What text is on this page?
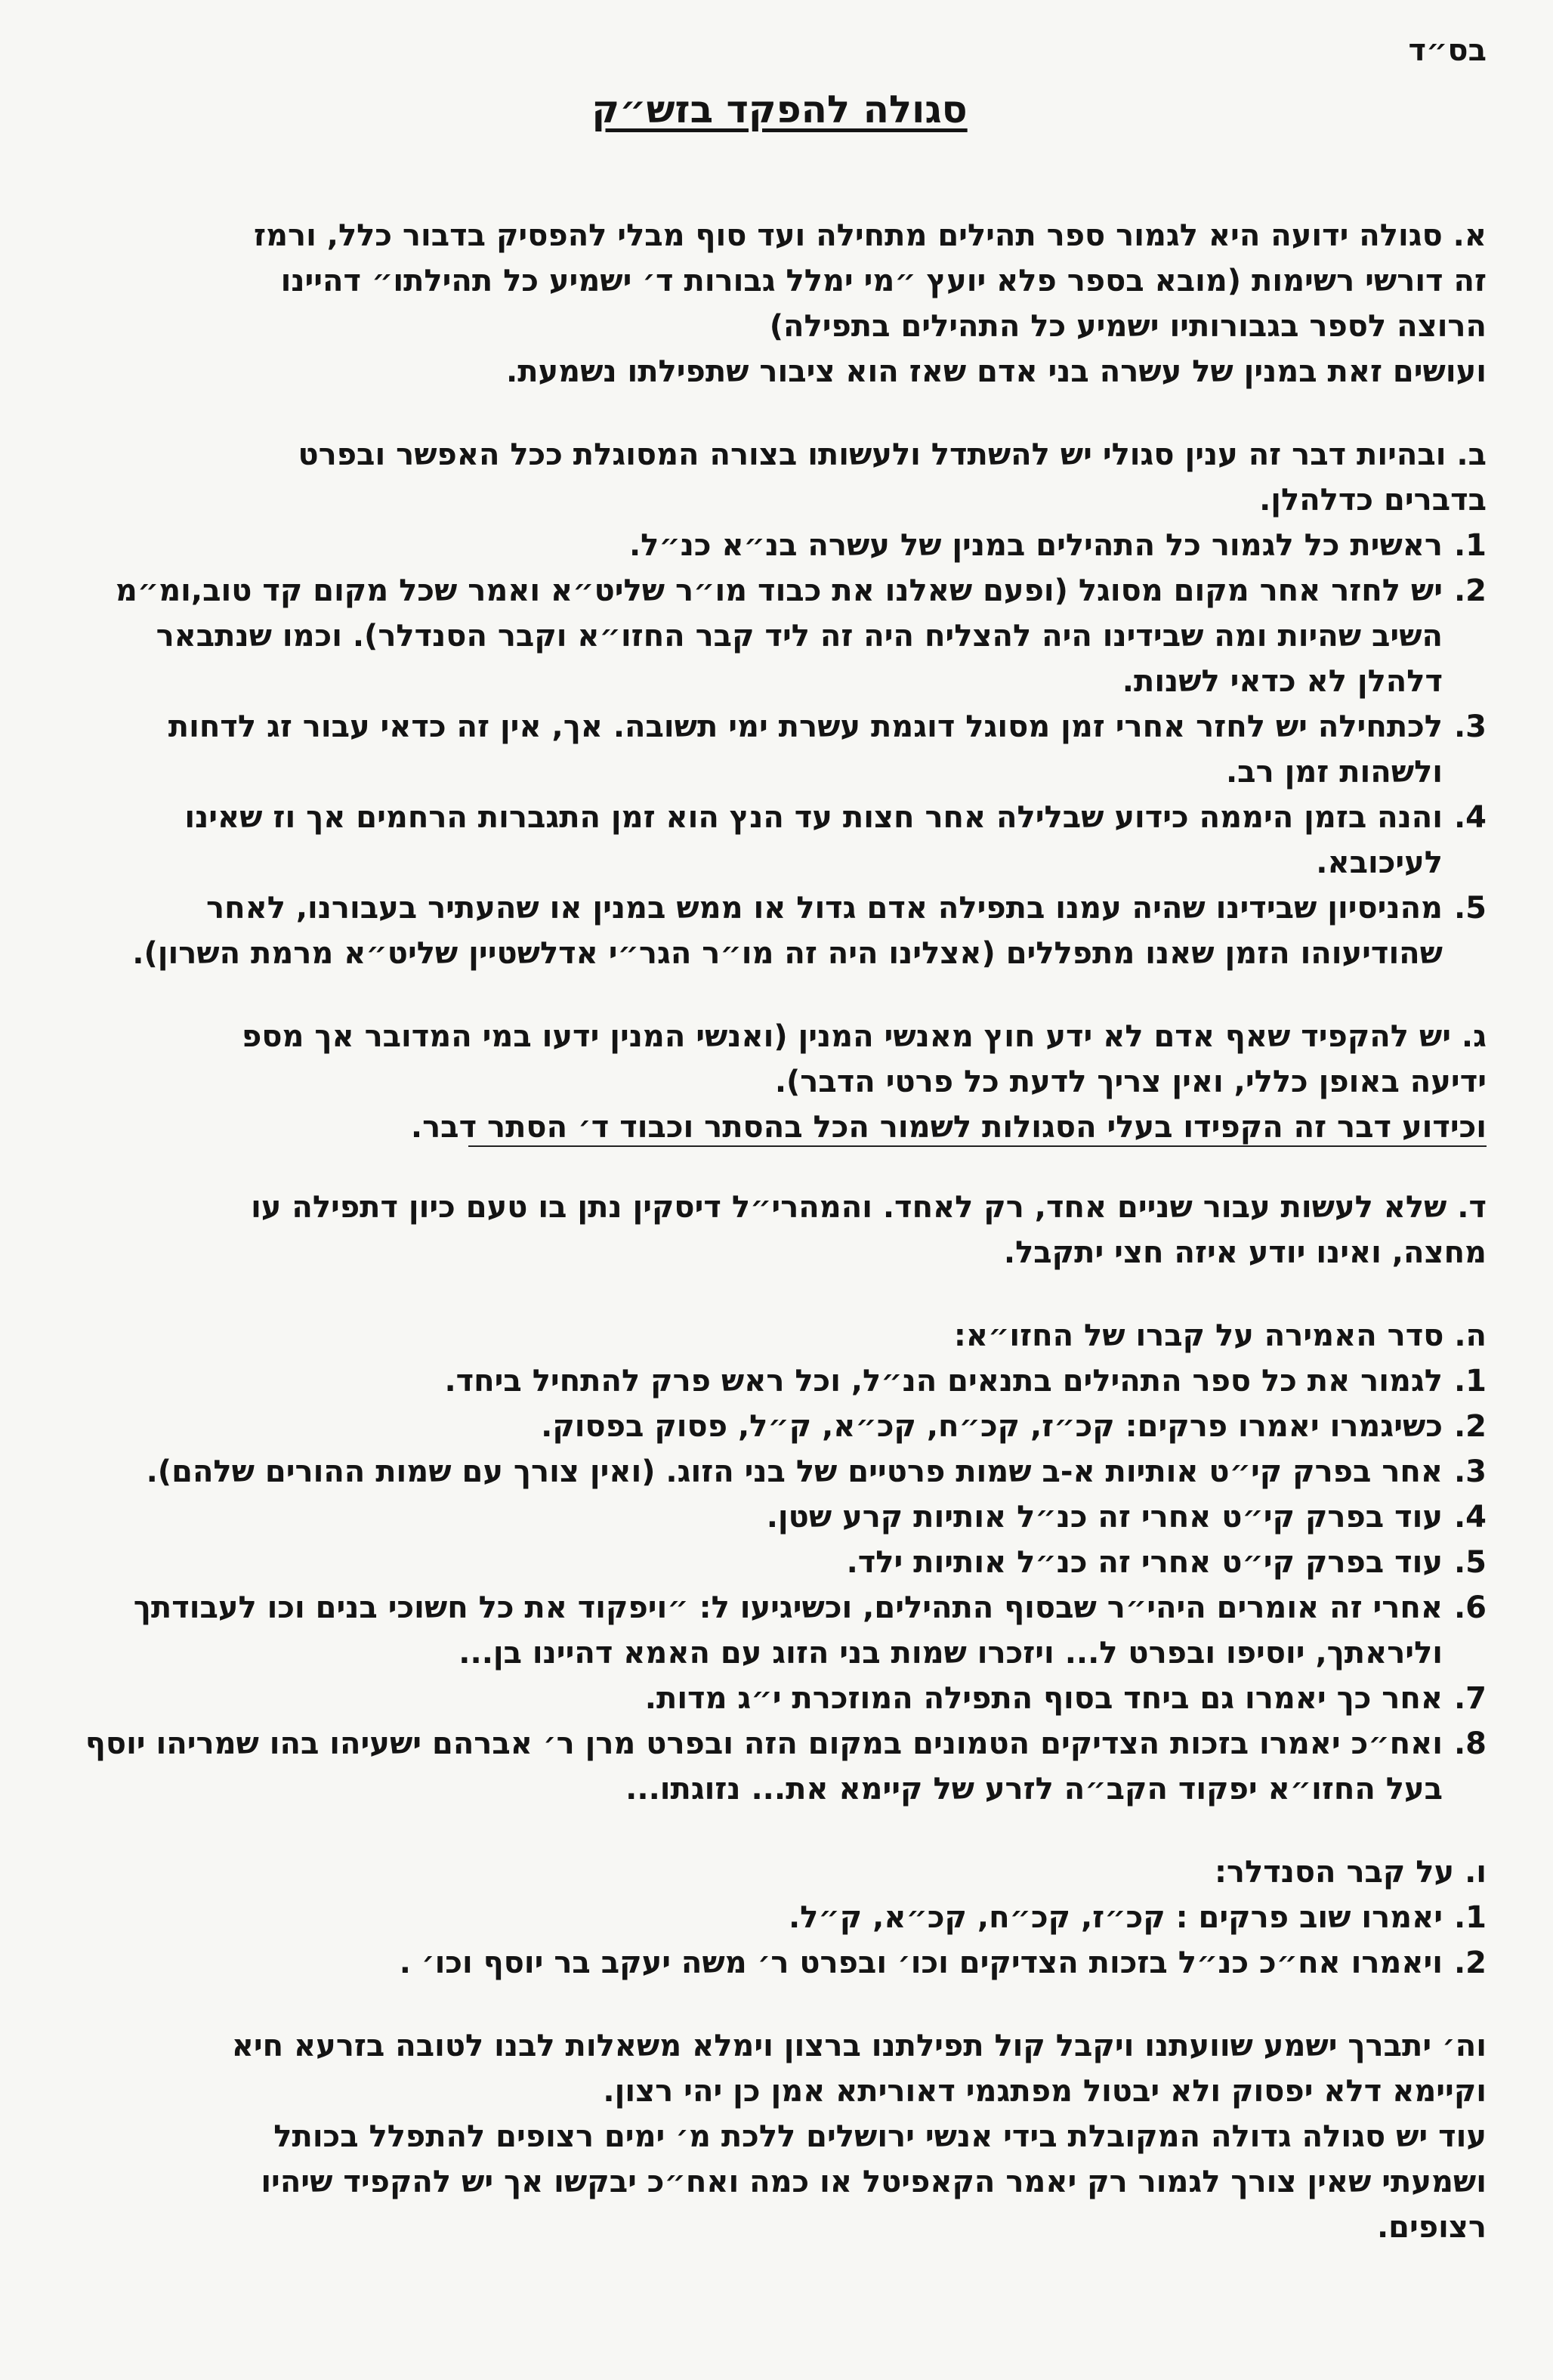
בס״ד
סגולה להפקד בזש״ק

א. סגולה ידועה היא לגמור ספר תהילים מתחילה ועד סוף מבלי להפסיק בדבור כלל, ורמז

זה דורשי רשימות (מובא בספר פלא יועץ ״מי ימלל גבורות ד׳ ישמיע כל תהילתו״ דהיינו

הרוצה לספר בגבורותיו ישמיע כל התהילים בתפילה)

ועושים זאת במנין של עשרה בני אדם שאז הוא ציבור שתפילתו נשמעת.

ב. ובהיות דבר זה ענין סגולי יש להשתדל ולעשותו בצורה המסוגלת ככל האפשר ובפרט

בדברים כדלהלן.

1.
ראשית כל לגמור כל התהילים במנין של עשרה בנ״א כנ״ל.
2.
יש לחזר אחר מקום מסוגל (ופעם שאלנו את כבוד מו״ר שליט״א ואמר שכל מקום קד טוב,ומ״מ השיב שהיות ומה שבידינו היה להצליח היה זה ליד קבר החזו״א וקבר הסנדלר). וכמו שנתבאר דלהלן לא כדאי לשנות.
3.
לכתחילה יש לחזר אחרי זמן מסוגל דוגמת עשרת ימי תשובה. אך, אין זה כדאי עבור זג לדחות ולשהות זמן רב.
4.
והנה בזמן היממה כידוע שבלילה אחר חצות עד הנץ הוא זמן התגברות הרחמים אך וז שאינו לעיכובא.
5.
מהניסיון שבידינו שהיה עמנו בתפילה אדם גדול או ממש במנין או שהעתיר בעבורנו, לאחר שהודיעוהו הזמן שאנו מתפללים (אצלינו היה זה מו״ר הגר״י אדלשטיין שליט״א מרמת השרון).

ג. יש להקפיד שאף אדם לא ידע חוץ מאנשי המנין (ואנשי המנין ידעו במי המדובר אך מספ

ידיעה באופן כללי, ואין צריך לדעת כל פרטי הדבר).

וכידוע דבר זה הקפידו בעלי הסגולות לשמור הכל בהסתר וכבוד ד׳ הסתר דבר.

ד. שלא לעשות עבור שניים אחד, רק לאחד. והמהרי״ל דיסקין נתן בו טעם כיון דתפילה עו

מחצה, ואינו יודע איזה חצי יתקבל.

ה. סדר האמירה על קברו של החזו״א:

1.
לגמור את כל ספר התהילים בתנאים הנ״ל, וכל ראש פרק להתחיל ביחד.
2.
כשיגמרו יאמרו פרקים: קכ״ז, קכ״ח, קכ״א, ק״ל, פסוק בפסוק.
3.
אחר בפרק קי״ט אותיות א-ב שמות פרטיים של בני הזוג. (ואין צורך עם שמות ההורים שלהם).
4.
עוד בפרק קי״ט אחרי זה כנ״ל אותיות קרע שטן.
5.
עוד בפרק קי״ט אחרי זה כנ״ל אותיות ילד.
6.
אחרי זה אומרים היהי״ר שבסוף התהילים, וכשיגיעו ל: ״ויפקוד את כל חשוכי בנים וכו לעבודתך וליראתך, יוסיפו ובפרט ל... ויזכרו שמות בני הזוג עם האמא דהיינו בן...
7.
אחר כך יאמרו גם ביחד בסוף התפילה המוזכרת י״ג מדות.
8.
ואח״כ יאמרו בזכות הצדיקים הטמונים במקום הזה ובפרט מרן ר׳ אברהם ישעיהו בהו שמריהו יוסף בעל החזו״א יפקוד הקב״ה לזרע של קיימא את... נזוגתו...

ו. על קבר הסנדלר:

1.
יאמרו שוב פרקים : קכ״ז, קכ״ח, קכ״א, ק״ל.
2.
ויאמרו אח״כ כנ״ל בזכות הצדיקים וכו׳ ובפרט ר׳ משה יעקב בר יוסף וכו׳ .

וה׳ יתברך ישמע שוועתנו ויקבל קול תפילתנו ברצון וימלא משאלות לבנו לטובה בזרעא חיא

וקיימא דלא יפסוק ולא יבטול מפתגמי דאוריתא אמן כן יהי רצון.

עוד יש סגולה גדולה המקובלת בידי אנשי ירושלים ללכת מ׳ ימים רצופים להתפלל בכותל

ושמעתי שאין צורך לגמור רק יאמר הקאפיטל או כמה ואח״כ יבקשו אך יש להקפיד שיהיו

רצופים.
